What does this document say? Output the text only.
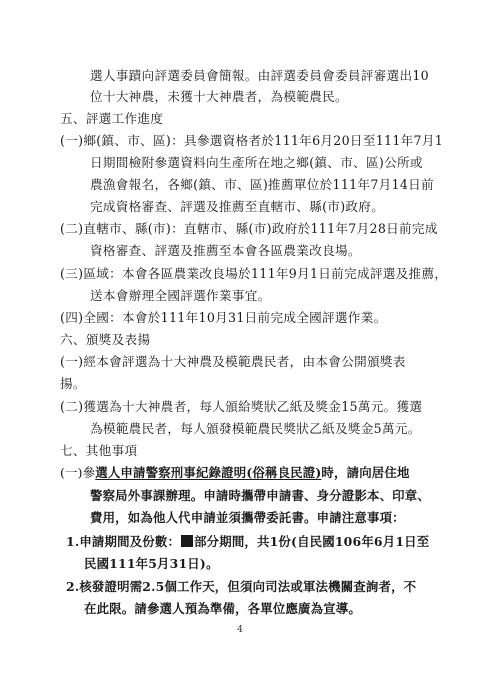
選人事蹟向評選委員會簡報。由評選委員會委員評審選出10
位十大神農，未獲十大神農者，為模範農民。
五、評選工作進度
(一)鄉(鎮、市、區)：具參選資格者於111年6月20日至111年7月1
日期間檢附參選資料向生產所在地之鄉(鎮、市、區)公所或
農漁會報名，各鄉(鎮、市、區)推薦單位於111年7月14日前
完成資格審查、評選及推薦至直轄市、縣(市)政府。
(二)直轄市、縣(市)：直轄市、縣(市)政府於111年7月28日前完成
資格審查、評選及推薦至本會各區農業改良場。
(三)區域：本會各區農業改良場於111年9月1日前完成評選及推薦，
送本會辦理全國評選作業事宜。
(四)全國：本會於111年10月31日前完成全國評選作業。
六、頒獎及表揚
(一)經本會評選為十大神農及模範農民者，由本會公開頒獎表
揚。
(二)獲選為十大神農者，每人頒給獎狀乙紙及獎金15萬元。獲選
為模範農民者，每人頒發模範農民獎狀乙紙及獎金5萬元。
七、其他事項
(一)參選人申請警察刑事紀錄證明(俗稱良民證)時，請向居住地
警察局外事課辦理。申請時攜帶申請書、身分證影本、印章、
費用，如為他人代申請並須攜帶委託書。申請注意事項：
1.申請期間及份數： 部分期間，共1份(自民國106年6月1日至
民國111年5月31日)。
2.核發證明需2.5個工作天，但須向司法或軍法機關查詢者，不
在此限。請參選人預為準備，各單位應廣為宣導。
4
